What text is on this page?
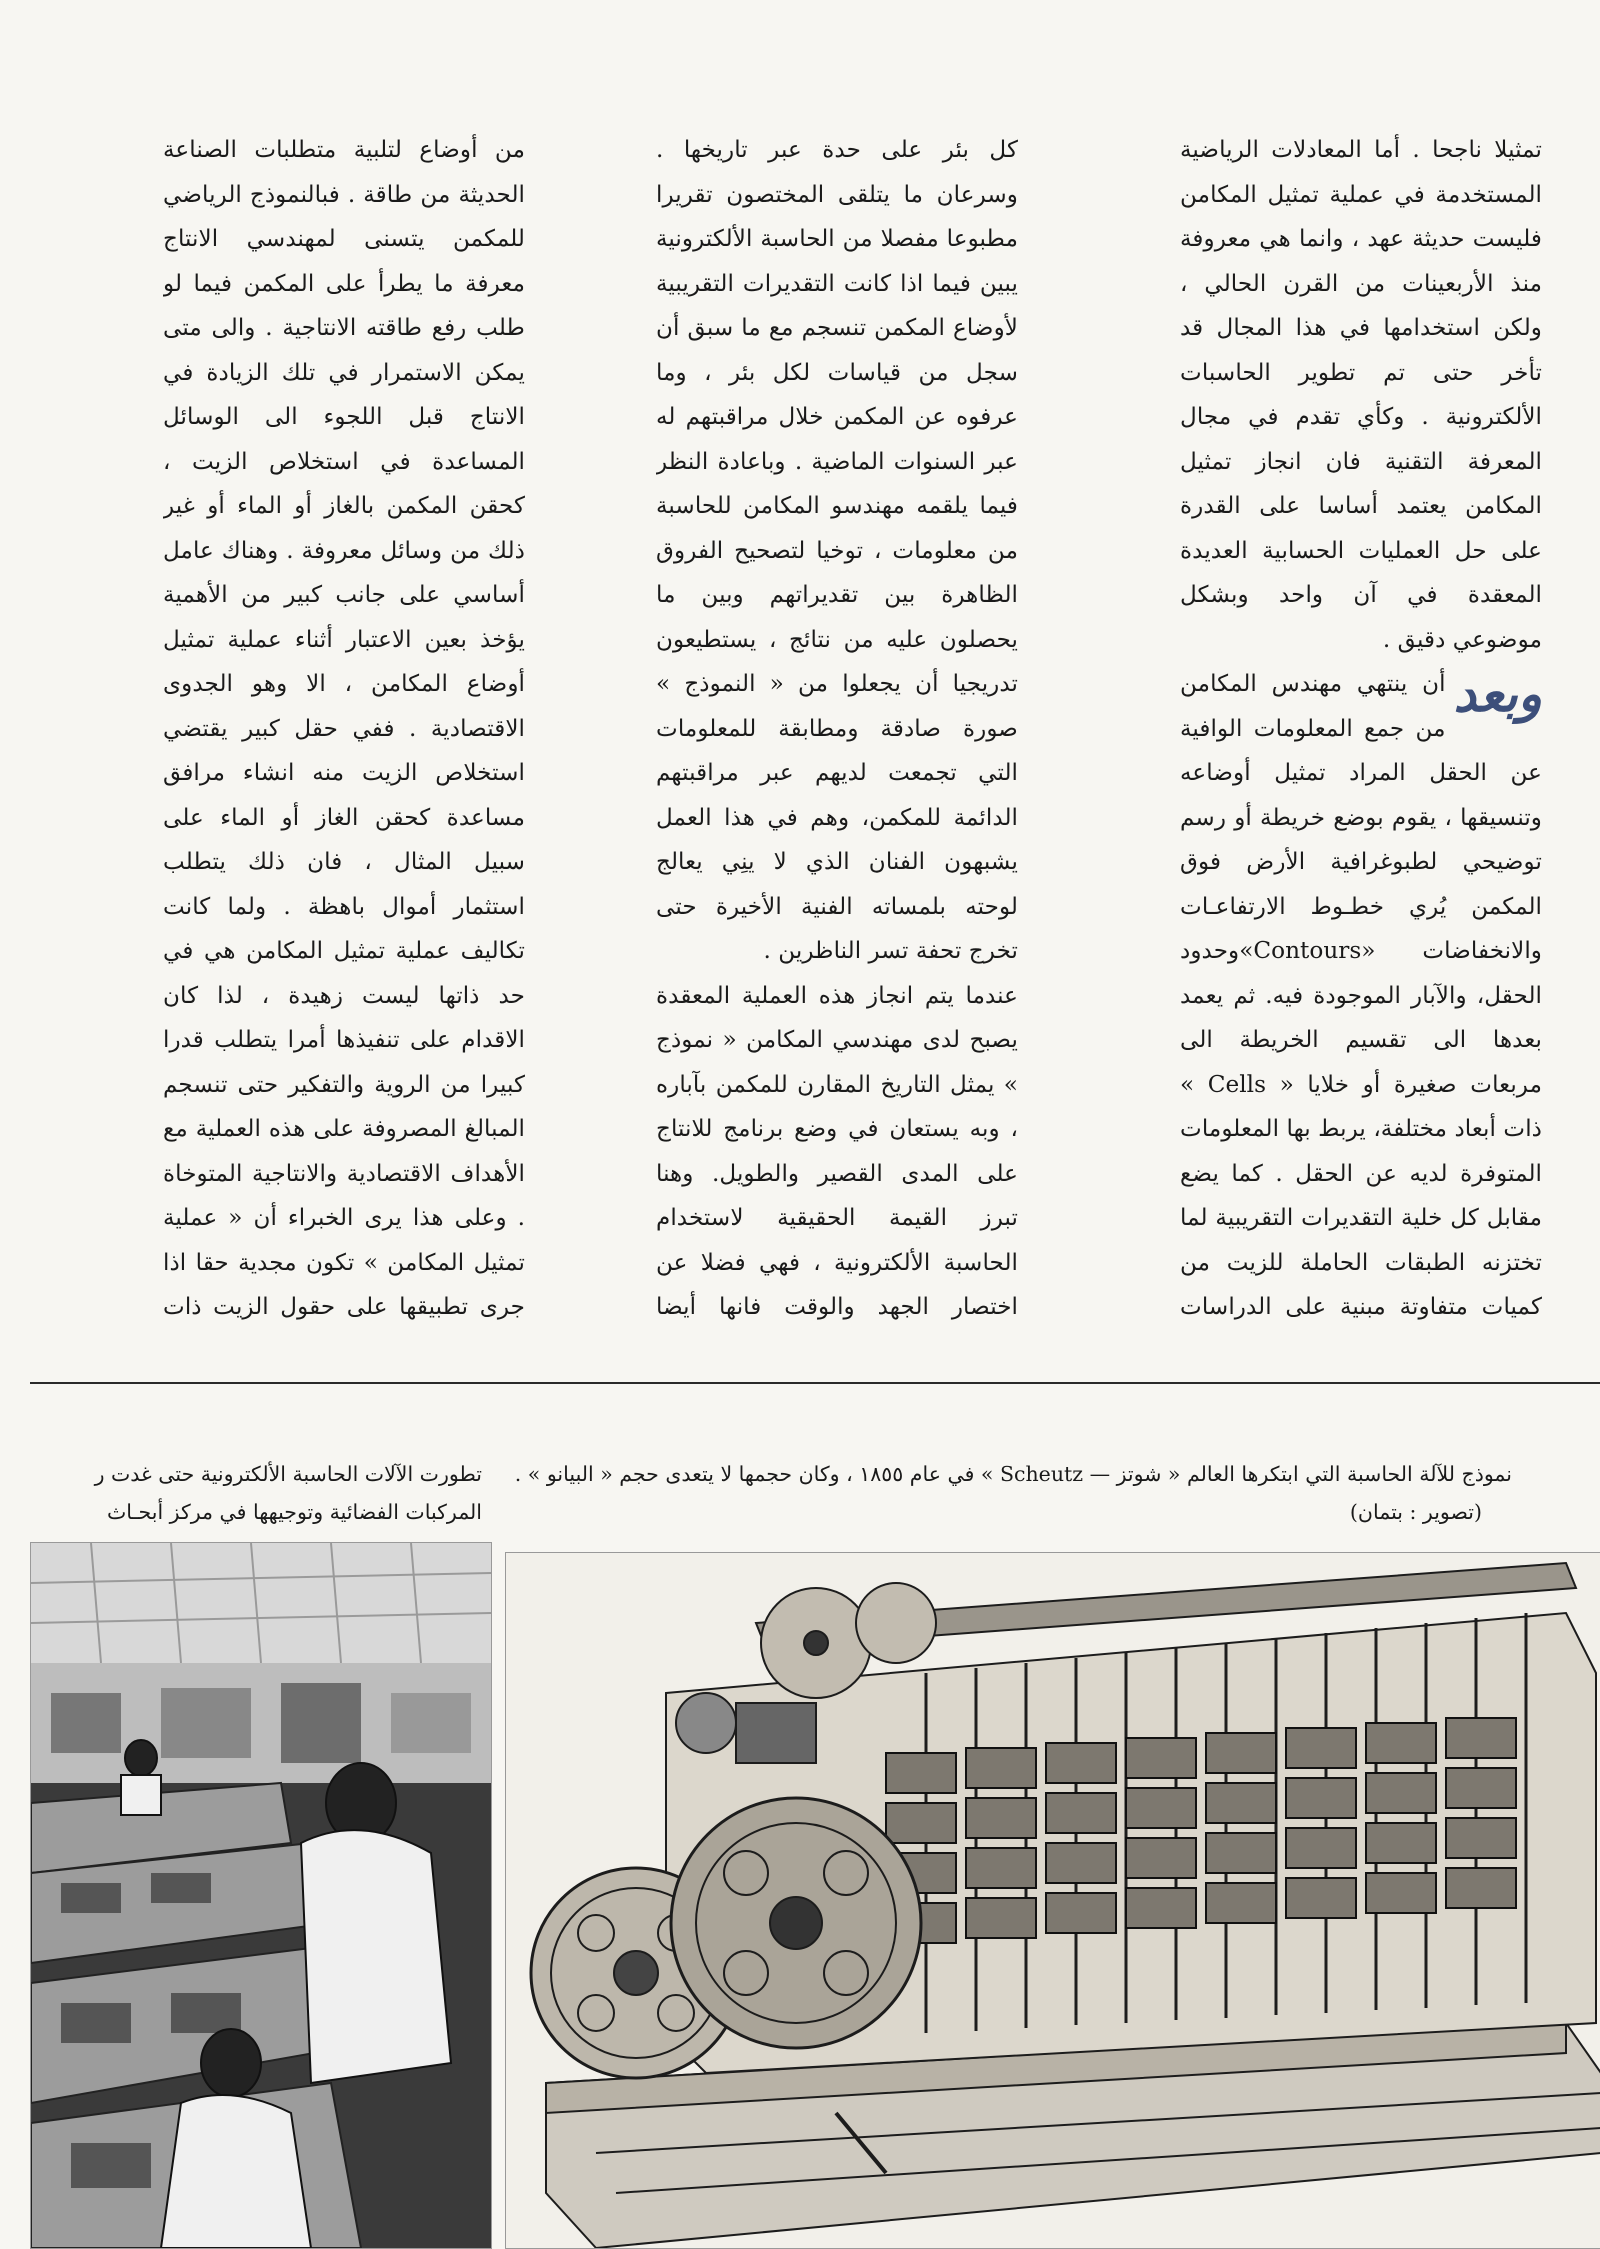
تمثيلا ناجحا . أما المعادلات الرياضية المستخدمة في عملية تمثيل المكامن فليست حديثة عهد ، وانما هي معروفة منذ الأربعينات من القرن الحالي ، ولكن استخدامها في هذا المجال قد تأخر حتى تم تطوير الحاسبات الألكترونية . وكأي تقدم في مجال المعرفة التقنية فان انجاز تمثيل المكامن يعتمد أساسا على القدرة على حل العمليات الحسابية العديدة المعقدة في آن واحد وبشكل موضوعي دقيق .

وبعد
أن ينتهي مهندس المكامن من جمع المعلومات الوافية عن الحقل المراد تمثيل أوضاعه وتنسيقها ، يقوم بوضع خريطة أو رسم توضيحي لطبوغرافية الأرض فوق المكمن يُري خطـوط الارتفاعـات والانخفاضات «Contours»وحدود الحقل، والآبار الموجودة فيه. ثم يعمد بعدها الى تقسيم الخريطة الى مربعات صغيرة أو خلايا « Cells » ذات أبعاد مختلفة، يربط بها المعلومات المتوفرة لديه عن الحقل . كما يضع مقابل كل خلية التقديرات التقريبية لما تختزنه الطبقات الحاملة للزيت من كميات متفاوتة مبنية على الدراسات

كل بئر على حدة عبر تاريخها . وسرعان ما يتلقى المختصون تقريرا مطبوعا مفصلا من الحاسبة الألكترونية يبين فيما اذا كانت التقديرات التقريبية لأوضاع المكمن تنسجم مع ما سبق أن سجل من قياسات لكل بئر ، وما عرفوه عن المكمن خلال مراقبتهم له عبر السنوات الماضية . وباعادة النظر فيما يلقمه مهندسو المكامن للحاسبة من معلومات ، توخيا لتصحيح الفروق الظاهرة بين تقديراتهم وبين ما يحصلون عليه من نتائج ، يستطيعون تدريجيا أن يجعلوا من « النموذج » صورة صادقة ومطابقة للمعلومات التي تجمعت لديهم عبر مراقبتهم الدائمة للمكمن، وهم في هذا العمل يشبهون الفنان الذي لا ينِي يعالج لوحته بلمساته الفنية الأخيرة حتى تخرج تحفة تسر الناظرين .

عندما يتم انجاز هذه العملية المعقدة يصبح لدى مهندسي المكامن « نموذج » يمثل التاريخ المقارن للمكمن بآباره ، وبه يستعان في وضع برنامج للانتاج على المدى القصير والطويل. وهنا تبرز القيمة الحقيقية لاستخدام الحاسبة الألكترونية ، فهي فضلا عن اختصار الجهد والوقت فانها أيضا

من أوضاع لتلبية متطلبات الصناعة الحديثة من طاقة . فبالنموذج الرياضي للمكمن يتسنى لمهندسي الانتاج معرفة ما يطرأ على المكمن فيما لو طلب رفع طاقته الانتاجية . والى متى يمكن الاستمرار في تلك الزيادة في الانتاج قبل اللجوء الى الوسائل المساعدة في استخلاص الزيت ، كحقن المكمن بالغاز أو الماء أو غير ذلك من وسائل معروفة . وهناك عامل أساسي على جانب كبير من الأهمية يؤخذ بعين الاعتبار أثناء عملية تمثيل أوضاع المكامن ، الا وهو الجدوى الاقتصادية . ففي حقل كبير يقتضي استخلاص الزيت منه انشاء مرافق مساعدة كحقن الغاز أو الماء على سبيل المثال ، فان ذلك يتطلب استثمار أموال باهظة . ولما كانت تكاليف عملية تمثيل المكامن هي في حد ذاتها ليست زهيدة ، لذا كان الاقدام على تنفيذها أمرا يتطلب قدرا كبيرا من الروية والتفكير حتى تنسجم المبالغ المصروفة على هذه العملية مع الأهداف الاقتصادية والانتاجية المتوخاة . وعلى هذا يرى الخبراء أن « عملية تمثيل المكامن » تكون مجدية حقا اذا جرى تطبيقها على حقول الزيت ذات

نموذج للآلة الحاسبة التي ابتكرها العالم « شوتز — Scheutz » في عام ١٨٥٥ ، وكان حجمها لا يتعدى حجم « البيانو » .
(تصوير : بتمان)
تطورت الآلات الحاسبة الألكترونية حتى غدت ر المركبات الفضائية وتوجيهها في مركز أبحـاث
